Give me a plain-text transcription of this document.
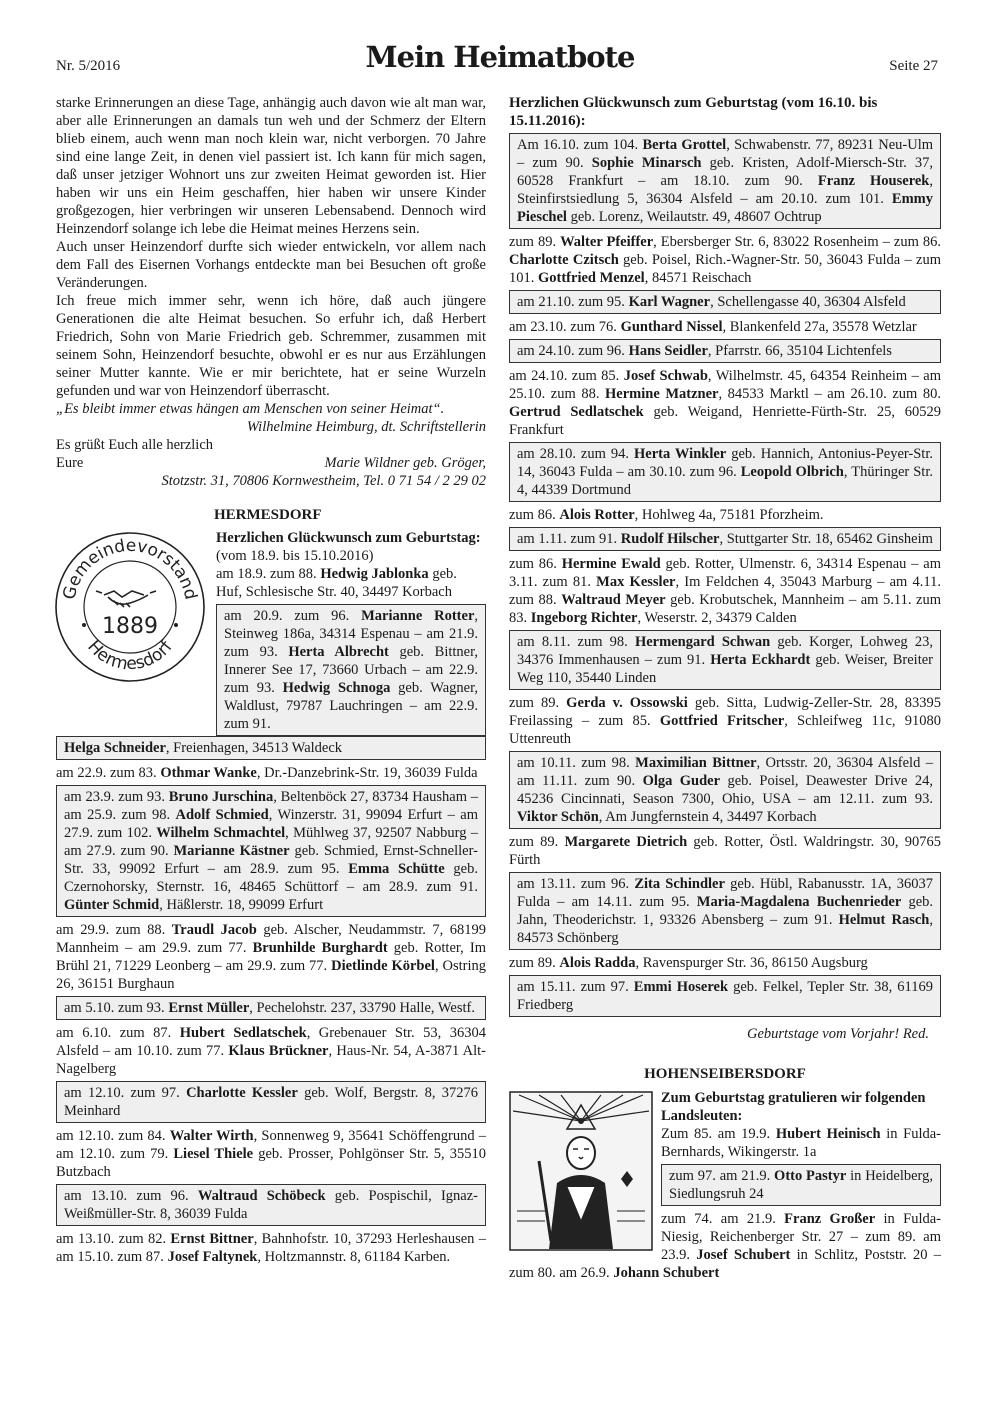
Nr. 5/2016	Mein Heimatbote	Seite 27

starke Erinnerungen an diese Tage, anhängig auch davon wie alt man war, aber alle Erinnerungen an damals tun weh und der Schmerz der Eltern blieb einem, auch wenn man noch klein war, nicht verborgen. 70 Jahre sind eine lange Zeit, in denen viel passiert ist. Ich kann für mich sagen, daß unser jetziger Wohnort uns zur zweiten Heimat geworden ist. Hier haben wir uns ein Heim geschaffen, hier haben wir unsere Kinder großgezogen, hier verbringen wir unseren Lebensabend. Dennoch wird Heinzendorf solange ich lebe die Heimat meines Herzens sein.

Auch unser Heinzendorf durfte sich wieder entwickeln, vor allem nach dem Fall des Eisernen Vorhangs entdeckte man bei Besuchen oft große Veränderungen.

Ich freue mich immer sehr, wenn ich höre, daß auch jüngere Generationen die alte Heimat besuchen. So erfuhr ich, daß Herbert Friedrich, Sohn von Marie Friedrich geb. Schremmer, zusammen mit seinem Sohn, Heinzendorf besuchte, obwohl er es nur aus Erzählungen seiner Mutter kannte. Wie er mir berichtete, hat er seine Wurzeln gefunden und war von Heinzendorf überrascht.

„Es bleibt immer etwas hängen am Menschen von seiner Heimat“.

Wilhelmine Heimburg, dt. Schriftstellerin

Es grüßt Euch alle herzlich

Eure	Marie Wildner geb. Gröger,

Stotzstr. 31, 70806 Kornwestheim, Tel. 0 71 54 / 2 29 02

HERMESDORF
Gemeindevorstand
Hermesdorf
1889
Herzlichen Glückwunsch zum Geburtstag: (vom 18.9. bis 15.10.2016)
am 18.9. zum 88. Hedwig Jablonka geb. Huf, Schlesische Str. 40, 34497 Korbach
am 20.9. zum 96. Marianne Rotter, Steinweg 186a, 34314 Espenau – am 21.9. zum 93. Herta Albrecht geb. Bittner, Innerer See 17, 73660 Urbach – am 22.9. zum 93. Hedwig Schnoga geb. Wagner, Waldlust, 79787 Lauchringen – am 22.9. zum 91.
Helga Schneider, Freienhagen, 34513 Waldeck

am 22.9. zum 83. Othmar Wanke, Dr.-Danzebrink-Str. 19, 36039 Fulda

am 23.9. zum 93. Bruno Jurschina, Beltenböck 27, 83734 Hausham – am 25.9. zum 98. Adolf Schmied, Winzerstr. 31, 99094 Erfurt – am 27.9. zum 102. Wilhelm Schmachtel, Mühlweg 37, 92507 Nabburg – am 27.9. zum 90. Marianne Kästner geb. Schmied, Ernst-Schneller-Str. 33, 99092 Erfurt – am 28.9. zum 95. Emma Schütte geb. Czernohorsky, Sternstr. 16, 48465 Schüttorf – am 28.9. zum 91. Günter Schmid, Häßlerstr. 18, 99099 Erfurt

am 29.9. zum 88. Traudl Jacob geb. Alscher, Neudammstr. 7, 68199 Mannheim – am 29.9. zum 77. Brunhilde Burghardt geb. Rotter, Im Brühl 21, 71229 Leonberg – am 29.9. zum 77. Dietlinde Körbel, Ostring 26, 36151 Burghaun

am 5.10. zum 93. Ernst Müller, Pechelohstr. 237, 33790 Halle, Westf.

am 6.10. zum 87. Hubert Sedlatschek, Grebenauer Str. 53, 36304 Alsfeld – am 10.10. zum 77. Klaus Brückner, Haus-Nr. 54, A-3871 Alt-Nagelberg

am 12.10. zum 97. Charlotte Kessler geb. Wolf, Bergstr. 8, 37276 Meinhard

am 12.10. zum 84. Walter Wirth, Sonnenweg 9, 35641 Schöffengrund – am 12.10. zum 79. Liesel Thiele geb. Prosser, Pohlgönser Str. 5, 35510 Butzbach

am 13.10. zum 96. Waltraud Schöbeck geb. Pospischil, Ignaz-Weißmüller-Str. 8, 36039 Fulda

am 13.10. zum 82. Ernst Bittner, Bahnhofstr. 10, 37293 Herleshausen – am 15.10. zum 87. Josef Faltynek, Holtzmannstr. 8, 61184 Karben.

Herzlichen Glückwunsch zum Geburtstag (vom 16.10. bis 15.11.2016):
Am 16.10. zum 104. Berta Grottel, Schwabenstr. 77, 89231 Neu-Ulm – zum 90. Sophie Minarsch geb. Kristen, Adolf-Miersch-Str. 37, 60528 Frankfurt – am 18.10. zum 90. Franz Houserek, Steinfirstsiedlung 5, 36304 Alsfeld – am 20.10. zum 101. Emmy Pieschel geb. Lorenz, Weilautstr. 49, 48607 Ochtrup

zum 89. Walter Pfeiffer, Ebersberger Str. 6, 83022 Rosenheim – zum 86. Charlotte Czitsch geb. Poisel, Rich.-Wagner-Str. 50, 36043 Fulda – zum 101. Gottfried Menzel, 84571 Reischach

am 21.10. zum 95. Karl Wagner, Schellengasse 40, 36304 Alsfeld

am 23.10. zum 76. Gunthard Nissel, Blankenfeld 27a, 35578 Wetzlar

am 24.10. zum 96. Hans Seidler, Pfarrstr. 66, 35104 Lichtenfels

am 24.10. zum 85. Josef Schwab, Wilhelmstr. 45, 64354 Reinheim – am 25.10. zum 88. Hermine Matzner, 84533 Marktl – am 26.10. zum 80. Gertrud Sedlatschek geb. Weigand, Henriette-Fürth-Str. 25, 60529 Frankfurt

am 28.10. zum 94. Herta Winkler geb. Hannich, Antonius-Peyer-Str. 14, 36043 Fulda – am 30.10. zum 96. Leopold Olbrich, Thüringer Str. 4, 44339 Dortmund

zum 86. Alois Rotter, Hohlweg 4a, 75181 Pforzheim.

am 1.11. zum 91. Rudolf Hilscher, Stuttgarter Str. 18, 65462 Ginsheim

zum 86. Hermine Ewald geb. Rotter, Ulmenstr. 6, 34314 Espenau – am 3.11. zum 81. Max Kessler, Im Feldchen 4, 35043 Marburg – am 4.11. zum 88. Waltraud Meyer geb. Krobutschek, Mannheim – am 5.11. zum 83. Ingeborg Richter, Weserstr. 2, 34379 Calden

am 8.11. zum 98. Hermengard Schwan geb. Korger, Lohweg 23, 34376 Immenhausen – zum 91. Herta Eckhardt geb. Weiser, Breiter Weg 110, 35440 Linden

zum 89. Gerda v. Ossowski geb. Sitta, Ludwig-Zeller-Str. 28, 83395 Freilassing – zum 85. Gottfried Fritscher, Schleifweg 11c, 91080 Uttenreuth

am 10.11. zum 98. Maximilian Bittner, Ortsstr. 20, 36304 Alsfeld – am 11.11. zum 90. Olga Guder geb. Poisel, Deawester Drive 24, 45236 Cincinnati, Season 7300, Ohio, USA – am 12.11. zum 93. Viktor Schön, Am Jungfernstein 4, 34497 Korbach

zum 89. Margarete Dietrich geb. Rotter, Östl. Waldringstr. 30, 90765 Fürth

am 13.11. zum 96. Zita Schindler geb. Hübl, Rabanusstr. 1A, 36037 Fulda – am 14.11. zum 95. Maria-Magdalena Buchenrieder geb. Jahn, Theoderichstr. 1, 93326 Abensberg – zum 91. Helmut Rasch, 84573 Schönberg

zum 89. Alois Radda, Ravenspurger Str. 36, 86150 Augsburg

am 15.11. zum 97. Emmi Hoserek geb. Felkel, Tepler Str. 38, 61169 Friedberg

Geburtstage vom Vorjahr! Red.

HOHENSEIBERSDORF
Zum Geburtstag gratulieren wir folgenden Landsleuten:

Zum 85. am 19.9. Hubert Heinisch in Fulda-Bernhards, Wikingerstr. 1a

zum 97. am 21.9. Otto Pastyr in Heidelberg, Siedlungsruh 24

zum 74. am 21.9. Franz Großer in Fulda-Niesig, Reichenberger Str. 27 – zum 89. am 23.9. Josef Schubert in Schlitz, Poststr. 20 – zum 80. am 26.9. Johann Schubert
